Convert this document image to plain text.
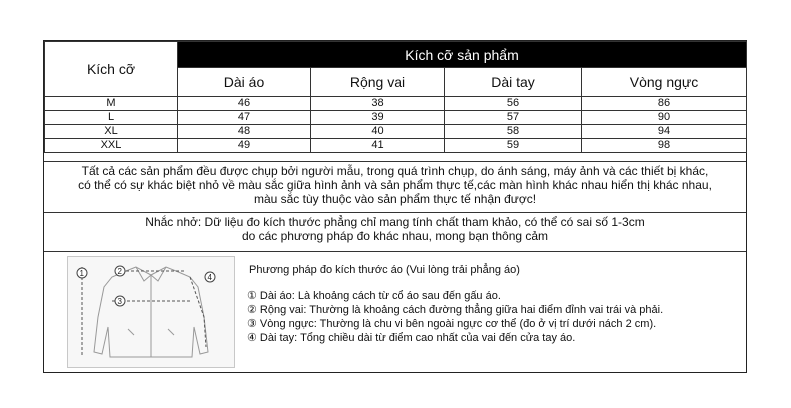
Kích cỡ	Kích cỡ sản phẩm			
	Dài áo	Rộng vai	Dài tay	Vòng ngực
M	46	38	56	86
L	47	39	57	90
XL	48	40	58	94
XXL	49	41	59	98
Tất cả các sản phẩm đều được chụp bởi người mẫu, trong quá trình chụp, do ánh sáng, máy ảnh và các thiết bị khác,
có thể có sự khác biệt nhỏ về màu sắc giữa hình ảnh và sản phẩm thực tế,các màn hình khác nhau hiển thị khác nhau,
màu sắc tùy thuộc vào sản phẩm thực tế nhận được!
Nhắc nhở: Dữ liệu đo kích thước phẳng chỉ mang tính chất tham khảo, có thể có sai số 1-3cm
do các phương pháp đo khác nhau, mong bạn thông cảm
1	2
3
4
Phương pháp đo kích thước áo (Vui lòng trải phẳng áo)
① Dài áo: Là khoảng cách từ cổ áo sau đến gấu áo.
② Rộng vai: Thường là khoảng cách đường thẳng giữa hai điểm đỉnh vai trái và phải.
③ Vòng ngực: Thường là chu vi bên ngoài ngực cơ thể (đo ở vị trí dưới nách 2 cm).
④ Dài tay: Tổng chiều dài từ điểm cao nhất của vai đến cửa tay áo.
